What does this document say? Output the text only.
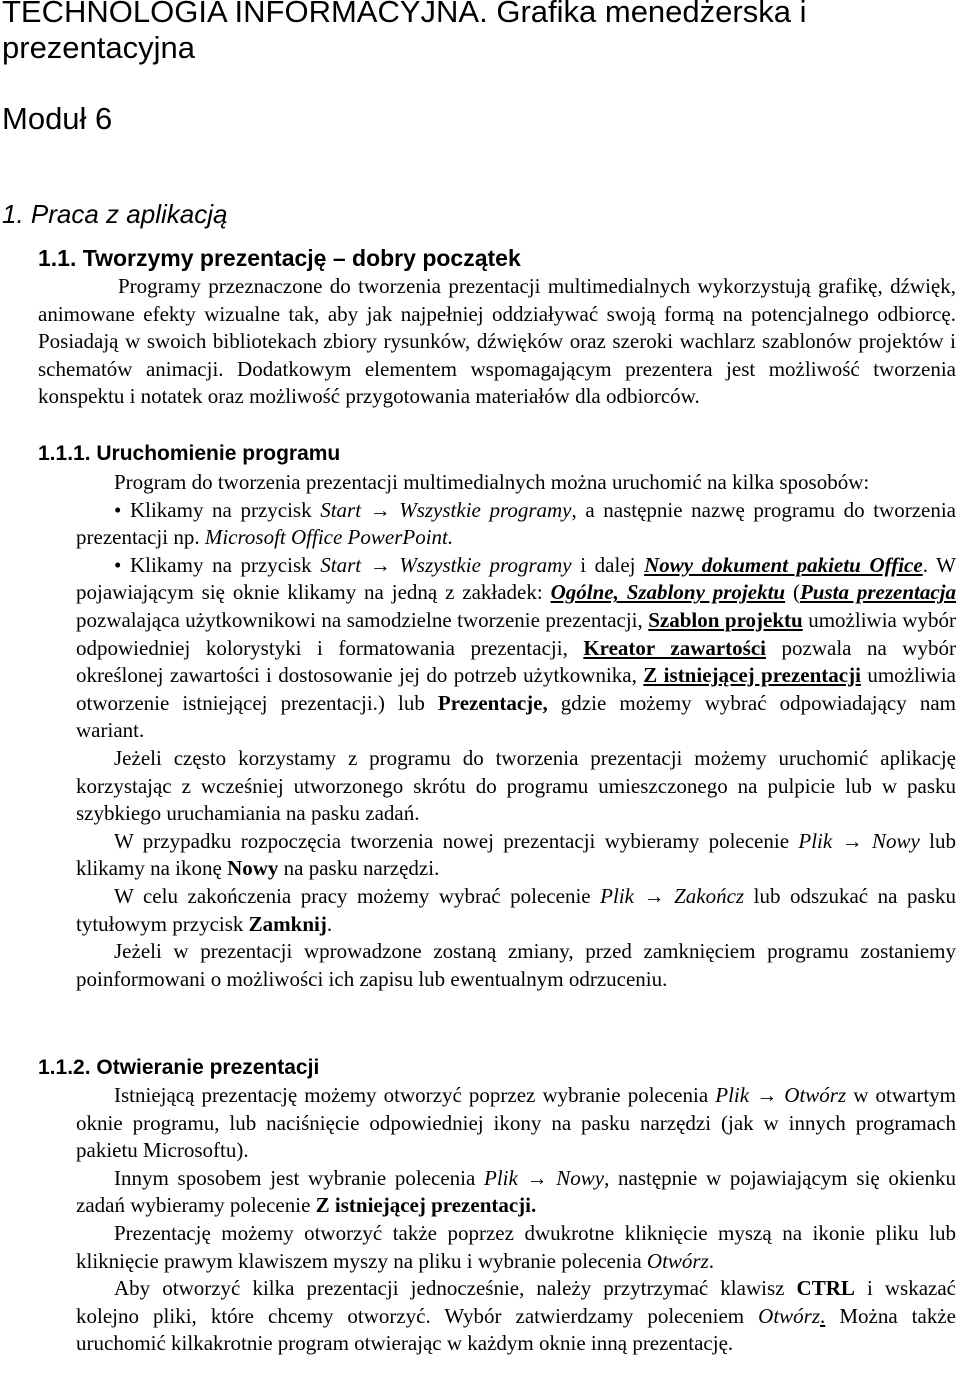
TECHNOLOGIA INFORMACYJNA. Grafika menedżerska i prezentacyjna
Moduł 6
1. Praca z aplikacją
1.1. Tworzymy prezentację – dobry początek

Programy przeznaczone do tworzenia prezentacji multimedialnych wykorzystują grafikę, dźwięk, animowane efekty wizualne tak, aby jak najpełniej oddziaływać swoją formą na potencjalnego odbiorcę. Posiadają w swoich bibliotekach zbiory rysunków, dźwięków oraz szeroki wachlarz szablonów projektów i schematów animacji. Dodatkowym elementem wspomagającym prezentera jest możliwość tworzenia konspektu i notatek oraz możliwość przygotowania materiałów dla odbiorców.

1.1.1. Uruchomienie programu

Program do tworzenia prezentacji multimedialnych można uruchomić na kilka sposobów:

• Klikamy na przycisk Start → Wszystkie programy, a następnie nazwę programu do tworzenia prezentacji np. Microsoft Office PowerPoint.

• Klikamy na przycisk Start → Wszystkie programy i dalej Nowy dokument pakietu Office. W pojawiającym się oknie klikamy na jedną z zakładek: Ogólne, Szablony projektu (Pusta prezentacja pozwalająca użytkownikowi na samodzielne tworzenie prezentacji, Szablon projektu umożliwia wybór odpowiedniej kolorystyki i formatowania prezentacji, Kreator zawartości pozwala na wybór określonej zawartości i dostosowanie jej do potrzeb użytkownika, Z istniejącej prezentacji umożliwia otworzenie istniejącej prezentacji.) lub Prezentacje, gdzie możemy wybrać odpowiadający nam wariant.

Jeżeli często korzystamy z programu do tworzenia prezentacji możemy uruchomić aplikację korzystając z wcześniej utworzonego skrótu do programu umieszczonego na pulpicie lub w pasku szybkiego uruchamiania na pasku zadań.

W przypadku rozpoczęcia tworzenia nowej prezentacji wybieramy polecenie Plik → Nowy lub klikamy na ikonę Nowy na pasku narzędzi.

W celu zakończenia pracy możemy wybrać polecenie Plik → Zakończ lub odszukać na pasku tytułowym przycisk Zamknij.

Jeżeli w prezentacji wprowadzone zostaną zmiany, przed zamknięciem programu zostaniemy poinformowani o możliwości ich zapisu lub ewentualnym odrzuceniu.

1.1.2. Otwieranie prezentacji

Istniejącą prezentację możemy otworzyć poprzez wybranie polecenia Plik → Otwórz w otwartym oknie programu, lub naciśnięcie odpowiedniej ikony na pasku narzędzi (jak w innych programach pakietu Microsoftu).

Innym sposobem jest wybranie polecenia Plik → Nowy, następnie w pojawiającym się okienku zadań wybieramy polecenie Z istniejącej prezentacji.

Prezentację możemy otworzyć także poprzez dwukrotne kliknięcie myszą na ikonie pliku lub kliknięcie prawym klawiszem myszy na pliku i wybranie polecenia Otwórz.

Aby otworzyć kilka prezentacji jednocześnie, należy przytrzymać klawisz CTRL i wskazać kolejno pliki, które chcemy otworzyć. Wybór zatwierdzamy poleceniem Otwórz. Można także uruchomić kilkakrotnie program otwierając w każdym oknie inną prezentację.
